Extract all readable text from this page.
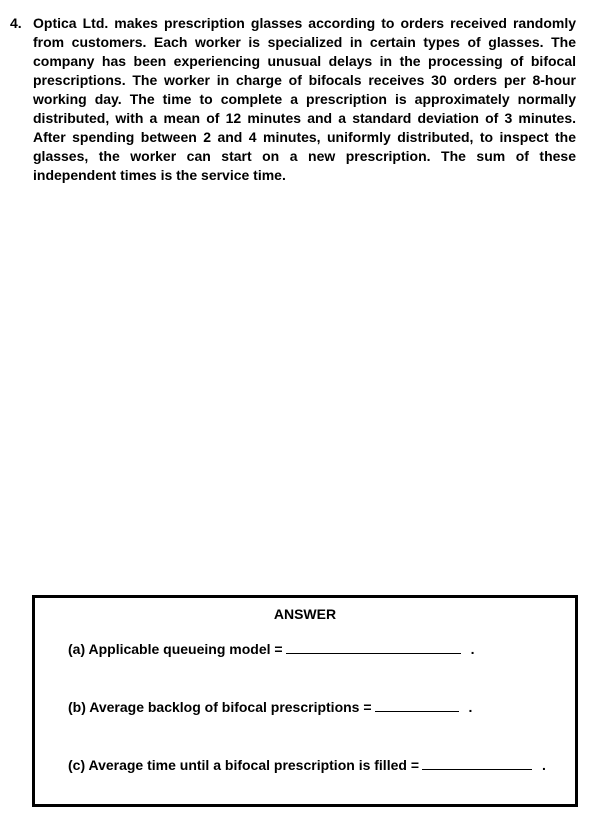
4. Optica Ltd. makes prescription glasses according to orders received randomly from customers. Each worker is specialized in certain types of glasses. The company has been experiencing unusual delays in the processing of bifocal prescriptions. The worker in charge of bifocals receives 30 orders per 8-hour working day. The time to complete a prescription is approximately normally distributed, with a mean of 12 minutes and a standard deviation of 3 minutes. After spending between 2 and 4 minutes, uniformly distributed, to inspect the glasses, the worker can start on a new prescription. The sum of these independent times is the service time.
ANSWER
(a) Applicable queueing model =	.
(b) Average backlog of bifocal prescriptions =	.
(c) Average time until a bifocal prescription is filled =	.
